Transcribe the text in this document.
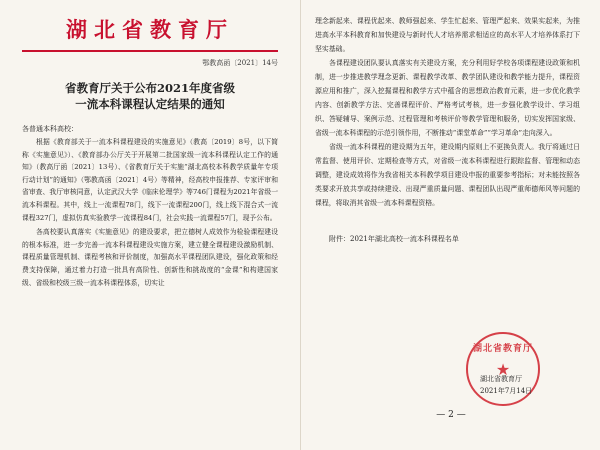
湖北省教育厅
鄂教高函〔2021〕14号
省教育厅关于公布2021年度省级
一流本科课程认定结果的通知
各普通本科高校：

根据《教育部关于一流本科课程建设的实施意见》（教高〔2019〕8号，以下简称《实施意见》）、《教育部办公厅关于开展第二批国家级一流本科课程认定工作的通知》（教高厅函〔2021〕13号）、《省教育厅关于实施“湖北高校本科教学质量年专项行动计划”的通知》（鄂教高函〔2021〕4号）等精神，经高校申报推荐、专家评审和省审查、我厅审核同意，认定武汉大学《临床伦理学》等746门课程为2021年省级一流本科课程。其中，线上一流课程78门，线下一流课程200门，线上线下混合式一流课程327门，虚拟仿真实验教学一流课程84门，社会实践一流课程57门，现予公布。

各高校要认真落实《实施意见》的建设要求，把立德树人成效作为检验课程建设的根本标准，进一步完善一流本科课程建设实施方案，建立健全课程建设激励机制、课程质量管理机制、课程考核和评价制度，加强高水平课程团队建设，强化政策和经费支持保障，通过着力打造一批具有高阶性、创新性和挑战度的“金课”和构建国家级、省级和校级三级一流本科课程体系，切实让

理念新起来、课程优起来、教师强起来、学生忙起来、管理严起来、效果实起来，为推进高水平本科教育和加快建设与新时代人才培养需求相适应的高水平人才培养体系打下坚实基础。

各课程建设团队要认真落实有关建设方案，充分利用好学校各项课程建设政策和机制，进一步推进教学理念更新、课程教学改革、教学团队建设和教学能力提升，课程资源应用和推广，深入挖掘课程和教学方式中蕴含的思想政治教育元素，进一步优化教学内容、创新教学方法、完善课程评价、严格考试考核，进一步强化教学设计、学习组织、答疑辅导、案例示范、过程管理和考核评价等教学管理和服务，切实发挥国家级、省级一流本科课程的示范引领作用，不断推动“课堂革命”“学习革命”走向深入。

省级一流本科课程的建设期为五年，建设期内原则上不更换负责人。我厅将通过日常监督、使用评价、定期检查等方式，对省级一流本科课程进行跟踪监督、管理和动态调整，建设成效将作为我省相关本科教学项目建设申报的重要参考指标；对未能按照各类要求开放共享或持续建设、出现严重质量问题、课程团队出现严重师德师风等问题的课程，将取消其省级一流本科课程资格。

附件：2021年湖北高校一流本科课程名单
— 2 —
湖北省教育厅
★
湖北省教育厅
2021年7月14日
